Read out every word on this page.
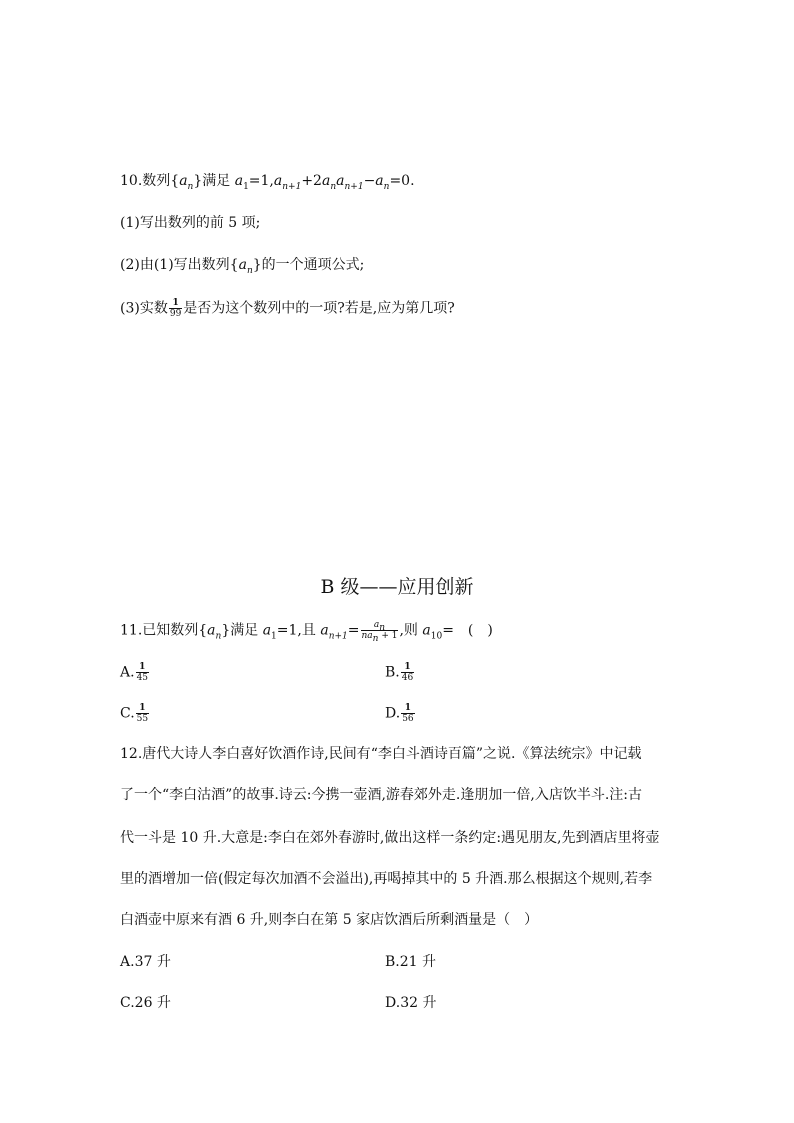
10.数列$\{a_n\}$满足 $a_1=1,a_{n+1}+2a_na_{n+1}-a_n=0$.
(1)写出数列的前 5 项;
(2)由(1)写出数列$\{a_n\}$的一个通项公式;
(3)实数 $\frac{1}{99}$ 是否为这个数列中的一项?若是,应为第几项?
B 级——应用创新
11.已知数列$\{a_n\}$满足 $a_1=1$,且 $a_{n+1}= \frac{a_n}{na_n + 1}$ ,则 $a_{10}=$　(　)
A. $\frac{1}{45}$	B. $\frac{1}{46}$
C. $\frac{1}{55}$	D. $\frac{1}{56}$
12.唐代大诗人李白喜好饮酒作诗,民间有“李白斗酒诗百篇”之说.《算法统宗》中记载
了一个“李白沽酒”的故事.诗云:今携一壶酒,游春郊外走.逢朋加一倍,入店饮半斗.注:古
代一斗是 10 升.大意是:李白在郊外春游时,做出这样一条约定:遇见朋友,先到酒店里将壶
里的酒增加一倍(假定每次加酒不会溢出),再喝掉其中的 5 升酒.那么根据这个规则,若李
白酒壶中原来有酒 6 升,则李白在第 5 家店饮酒后所剩酒量是（　）
A.37 升	B.21 升
C.26 升	D.32 升
